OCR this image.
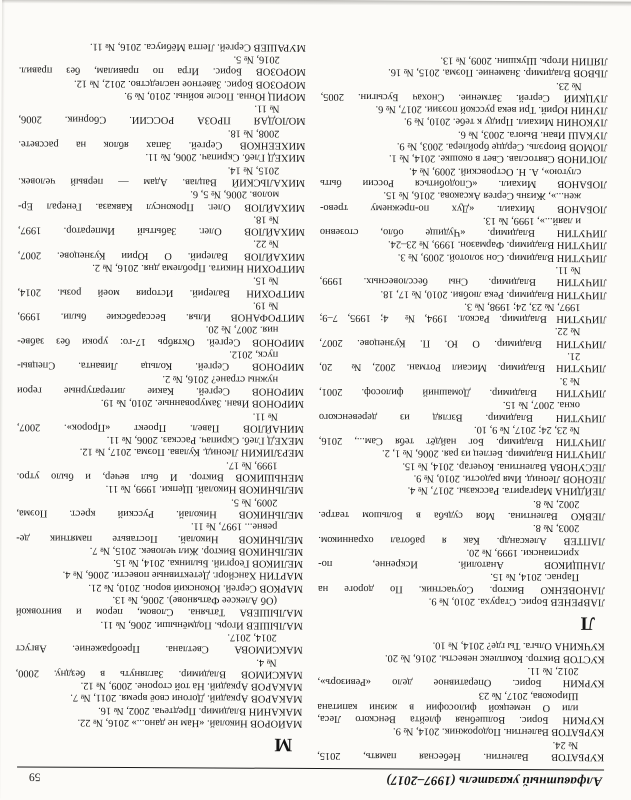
Алфавитный указатель (1997–2017)
59
КУРБАТОВ Валентин. Небесная память, 2015,
№ 24.
КУРБАТОВ Валентин. Подорожник. 2014, № 9.
КУРКИН Борис. Волшебная флейта Венского Леса,
или О немецкой философии в жизни капитана
Широкова, 2017, № 23
КУРКИН Борис. Оперативное дело «Ревизоръ»,
2012, № 11.
КУСТОВ Виктор. Комплекс невесты. 2016, № 20.
КУЧКИНА Ольга. Ты где? 2014, № 10.
Л
ЛАВРЕНЕВ Борис. Старуха. 2010, № 9.
ЛАНОВЕНКО Виктор. Соучастник. По дороге на
Парнас. 2014, № 15.
ЛАНЩИКОВ Анатолий. Искренне, по-
христиански. 1999, № 20.
ЛАПТЕВ Александр. Как я работал охранником.
2003, № 8.
ЛЕВКО Валентина. Моя судьба в Большом театре.
2002, № 8.
ЛЕЙДИНА Маргарита. Рассказы. 2017, № 4.
ЛЕОНОВ Леонид. Имя радости. 2010, № 9.
ЛЕСУНОВА Валентина. Кочегар. 2014, № 15.
ЛИЧУТИН Владимир. Беглец из рая. 2006, № 1, 2.
ЛИЧУТИН Владимир. Бог найдёт тебя Сам..., 2016,
№ 23, 24; 2017, № 9, 10.
ЛИЧУТИН Владимир. Взгляд из деревенского
окна. 2007, № 15.
ЛИЧУТИН Владимир. Домашний философ. 2001,
№ 3.
ЛИЧУТИН Владимир. Мисаил Ротман. 2002, № 20,
21.
ЛИЧУТИН Владимир. О Ю. П. Кузнецове. 2007,
№ 22.
ЛИЧУТИН Владимир. Раскол. 1994, № 4; 1995, 7–9;
1997, № 23, 24; 1998, № 3.
ЛИЧУТИН Владимир. Река любви. 2010, № 17, 18.
ЛИЧУТИН Владимир. Сны бессловесных. 1999,
№ 11.
ЛИЧУТИН Владимир. Сон золотой. 2009, № 3.
ЛИЧУТИН Владимир. Фармазон. 1999, № 23–24.
ЛИЧУТИН Владимир. «Чудище обло, стозевно
и лаяй...», 1999, № 13.
ЛОБАНОВ Михаил. «Дух по-прежнему трево-
жен...», Жизнь Сергея Аксакова. 2016, № 15.
ЛОБАНОВ Михаил. «Сподобиться России быть
слугою», А. Н. Островский. 2009, № 4.
ЛОГИНОВ Святослав. Свет в окошке. 2014, № 1.
ЛОМОВ Виорэль. Сердце бройлера. 2003, № 9.
ЛУКАШ Иван. Вьюга. 2003, № 6.
ЛУКОНИН Михаил. Приду к тебе. 2010, № 9.
ЛУНИН Юрий. Три века русской поэзии. 2017, № 6.
ЛУЦКИЙ Сергей. Затмение. Снохач Бусыгин. 2005,
№ 23.
ЛЬВОВ Владимир. Знамение. Поэма. 2015, № 16.
ЛЯПИН Игорь. Шукшин. 2009, № 13.
М
МАЙОРОВ Николай. «Нам не дано...» 2016, № 22.
МАКАНИН Владимир. Предтеча. 2002, № 16.
МАКАРОВ Аркадий. Догони своё время. 2011, № 7.
МАКАРОВ Аркадий. На той стороне. 2009, № 12.
МАКСИМОВ Владимир. Заглянуть в бездну. 2000,
№ 4.
МАКСИМОВА Светлана. Преображение. Август
2014, 2017.
МАЛЫШЕВ Игорь. Подмёныши. 2006, № 11.
МАЛЫШЕВА Татьяна. Словом, пером и винтовкой
(Об Алексее Фатьянове). 2006, № 13.
МАРКОВ Сергей. Юконский ворон. 2010, № 21.
МАРТИН Хансйорг. Детективные повести. 2006, № 4.
МЕЛИКОВ Георгий. Былинка. 2014, № 15.
МЕЛЬНИКОВ Виктор. Жил человек. 2015, № 7.
МЕЛЬНИКОВ Николай. Поставьте памятник де-
ревне... 1997, № 11.
МЕЛЬНИКОВ Николай. Русский крест. Поэма,
2009, № 5.
МЕЛЬНИКОВ Николай. Щепки. 1999, № 11.
МЕНЬШИКОВ Виктор. И был вечер, и было утро.
1999, № 17.
МЕРЗЛИКИН Леонид. Кулава. Поэма. 2017, № 12.
МЕХЕД Глеб. Скрипач. Рассказ. 2006, № 11.
МИНАЙЛОВ Павел. Проект «Пророк». 2007,
№ 11.
МИРОНОВ Иван. Замурованные. 2010, № 19.
МИРОНОВ Сергей. Какие литературные герои
нужны стране? 2016, № 2.
МИРОНОВ Сергей. Кольца Ливанта. Спецвы-
пуск, 2012.
МИРОНОВ Сергей. Октябрь 17-го: уроки без забве-
ния. 2007, № 20.
МИТРОФАНОВ Илья. Бессарабские были. 1999,
№ 19.
МИТРОХИН Валерий. История моей розы. 2014,
№ 15.
МИТРОХИН Никита. Проблема дня. 2016, № 2.
МИХАЙЛОВ Валерий. О Юрии Кузнецове. 2007,
№ 22.
МИХАЙЛОВ Олег. Забытый Император. 1997,
№ 18.
МИХАЙЛОВ Олег. Проконсул Кавказа. Генерал Ер-
молов. 2006, № 5, 6.
МИХАЛЬСКИЙ Вацлав. Адам — первый человек.
2015, № 14.
МИХЕД Глеб. Скрипач. 2006, № 11.
МИХЕЕНКОВ Сергей. Запах яблок на рассвете.
2008, № 18.
МОЛОДАЯ ПРОЗА РОССИИ. Сборник. 2006,
№ 11.
МОРИЦ Юнна. После войны. 2010, № 9.
МОРОЗОВ Борис. Заветное наследство. 2012, № 12.
МОРОЗОВ Борис. Игра по правилам, без правил.
2016, № 5.
МУРАШЕВ Сергей. Лепта Мёбиуса. 2016, № 11.
